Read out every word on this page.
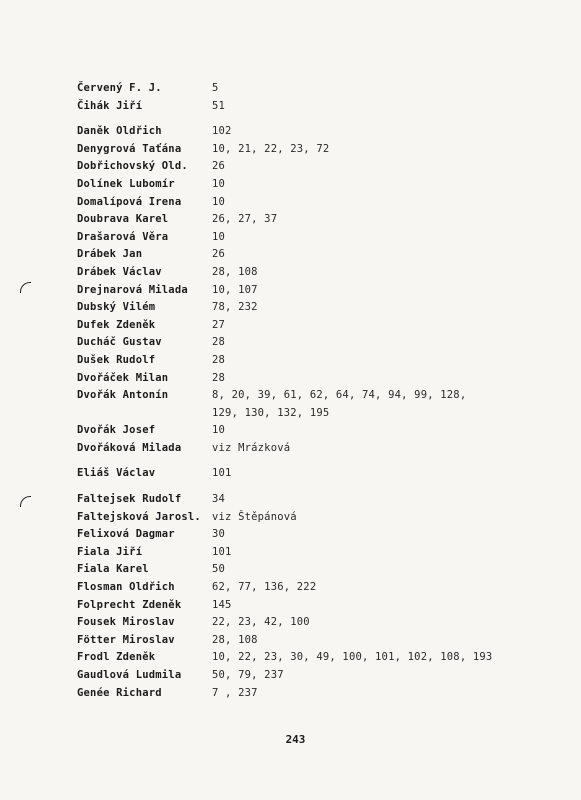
Červený F. J.	5
Čihák Jiří	51
Daněk Oldřich	102
Denygrová Taťána	10, 21, 22, 23, 72
Dobřichovský Old.	26
Dolínek Lubomír	10
Domalípová Irena	10
Doubrava Karel	26, 27, 37
Drašarová Věra	10
Drábek Jan	26
Drábek Václav	28, 108
Drejnarová Milada	10, 107
Dubský Vilém	78, 232
Dufek Zdeněk	27
Ducháč Gustav	28
Dušek Rudolf	28
Dvořáček Milan	28
Dvořák Antonín	8, 20, 39, 61, 62, 64, 74, 94, 99, 128,
129, 130, 132, 195
Dvořák Josef	10
Dvořáková Milada	viz Mrázková
Eliáš Václav	101
Faltejsek Rudolf	34
Faltejsková Jarosl.	viz Štěpánová
Felixová Dagmar	30
Fiala Jiří	101
Fiala Karel	50
Flosman Oldřich	62, 77, 136, 222
Folprecht Zdeněk	145
Fousek Miroslav	22, 23, 42, 100
Fötter Miroslav	28, 108
Frodl Zdeněk	10, 22, 23, 30, 49, 100, 101, 102, 108, 193
Gaudlová Ludmila	50, 79, 237
Genée Richard	7 , 237
243
